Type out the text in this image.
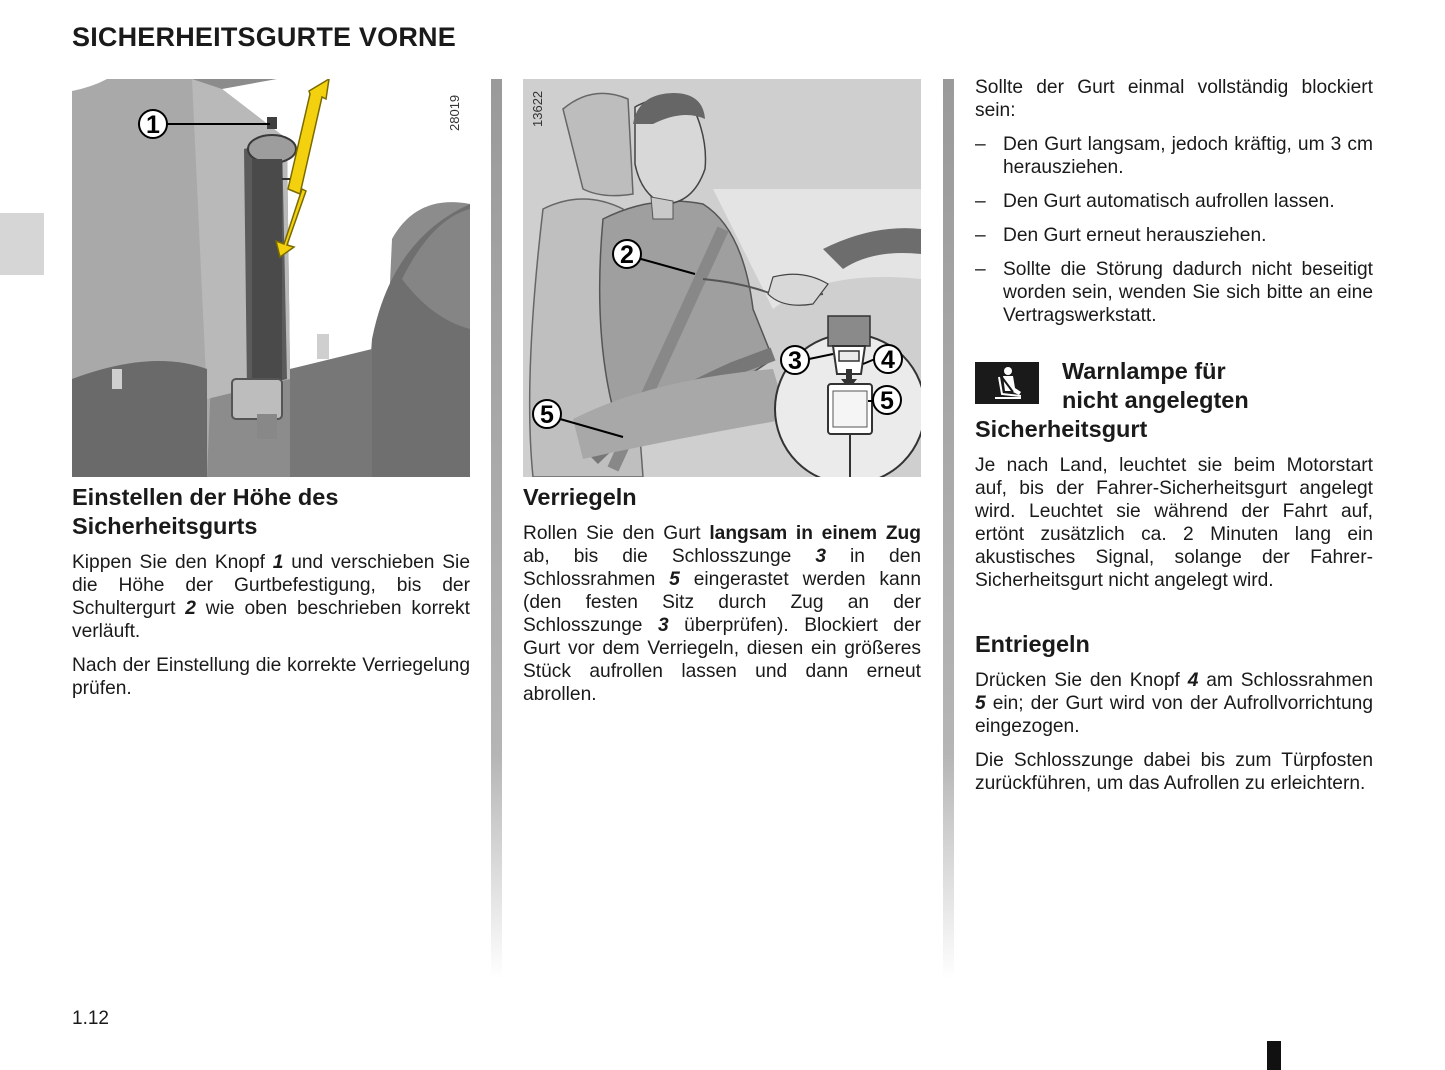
SICHERHEITSGURTE VORNE
1	28019
Einstellen der Höhe des Sicherheitsgurts

Kippen Sie den Knopf 1 und verschieben Sie die Höhe der Gurtbefestigung, bis der Schultergurt 2 wie oben beschrieben korrekt verläuft.

Nach der Einstellung die korrekte Verriegelung prüfen.

2
3	4
5
5
13622
Verriegeln

Rollen Sie den Gurt langsam in einem Zug ab, bis die Schlosszunge 3 in den Schlossrahmen 5 eingerastet werden kann (den festen Sitz durch Zug an der Schlosszunge 3 überprüfen). Blockiert der Gurt vor dem Verriegeln, diesen ein größeres Stück aufrollen lassen und dann erneut abrollen.

Sollte der Gurt einmal vollständig blockiert sein:

– Den Gurt langsam, jedoch kräftig, um 3 cm herausziehen.
– Den Gurt automatisch aufrollen lassen.
– Den Gurt erneut herausziehen.
– Sollte die Störung dadurch nicht beseitigt worden sein, wenden Sie sich bitte an eine Vertragswerkstatt.
Warnlampe für
nicht angelegten
Sicherheitsgurt

Je nach Land, leuchtet sie beim Motorstart auf, bis der Fahrer-Sicherheitsgurt angelegt wird. Leuchtet sie während der Fahrt auf, ertönt zusätzlich ca. 2 Minuten lang ein akustisches Signal, solange der Fahrer-Sicherheitsgurt nicht angelegt wird.

Entriegeln

Drücken Sie den Knopf 4 am Schlossrahmen 5 ein; der Gurt wird von der Aufrollvorrichtung eingezogen.

Die Schlosszunge dabei bis zum Türpfosten zurückführen, um das Aufrollen zu erleichtern.

1.12
